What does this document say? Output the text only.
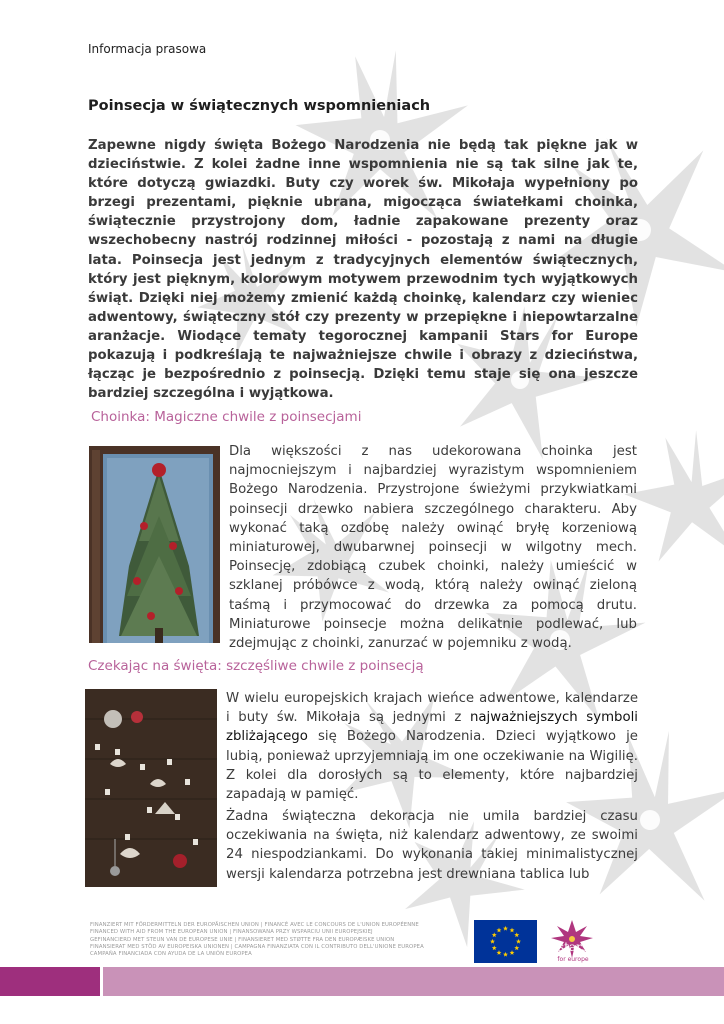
Informacja prasowa
Poinsecja w świątecznych wspomnieniach

Zapewne nigdy święta Bożego Narodzenia nie będą tak piękne jak w dzieciństwie. Z kolei żadne inne wspomnienia nie są tak silne jak te, które dotyczą gwiazdki. Buty czy worek św. Mikołaja wypełniony po brzegi prezentami, pięknie ubrana, migocząca światełkami choinka, świątecznie przystrojony dom, ładnie zapakowane prezenty oraz wszechobecny nastrój rodzinnej miłości - pozostają z nami na długie lata. Poinsecja jest jednym z tradycyjnych elementów świątecznych, który jest pięknym, kolorowym motywem przewodnim tych wyjątkowych świąt. Dzięki niej możemy zmienić każdą choinkę, kalendarz czy wieniec adwentowy, świąteczny stół czy prezenty w przepiękne i niepowtarzalne aranżacje. Wiodące tematy tegorocznej kampanii Stars for Europe pokazują i podkreślają te najważniejsze chwile i obrazy z dzieciństwa, łącząc je bezpośrednio z poinsecją. Dzięki temu staje się ona jeszcze bardziej szczególna i wyjątkowa.

Choinka: Magiczne chwile z poinsecjami

Dla większości z nas udekorowana choinka jest najmocniejszym i najbardziej wyrazistym wspomnieniem Bożego Narodzenia. Przystrojone świeżymi przykwiatkami poinsecji drzewko nabiera szczególnego charakteru. Aby wykonać taką ozdobę należy owinąć bryłę korzeniową miniaturowej, dwubarwnej poinsecji w wilgotny mech. Poinsecję, zdobiącą czubek choinki, należy umieścić w szklanej próbówce z wodą, którą należy owinąć zieloną taśmą i przymocować do drzewka za pomocą drutu. Miniaturowe poinsecje można delikatnie podlewać, lub zdejmując z choinki, zanurzać w pojemniku z wodą.

Czekając na święta: szczęśliwe chwile z poinsecją

W wielu europejskich krajach wieńce adwentowe, kalendarze i buty św. Mikołaja są jednymi z najważniejszych symboli zbliżającego się Bożego Narodzenia. Dzieci wyjątkowo je lubią, ponieważ uprzyjemniają im one oczekiwanie na Wigilię. Z kolei dla dorosłych są to elementy, które najbardziej zapadają w pamięć.

Żadna świąteczna dekoracja nie umila bardziej czasu oczekiwania na święta, niż kalendarz adwentowy, ze swoimi 24 niespodziankami. Do wykonania takiej minimalistycznej wersji kalendarza potrzebna jest drewniana tablica lub

FINANZIERT MIT FÖRDERMITTELN DER EUROPÄISCHEN UNION | FINANCÉ AVEC LE CONCOURS DE L'UNION EUROPÉENNE
FINANCED WITH AID FROM THE EUROPEAN UNION | FINANSOWANA PRZY WSPARCIU UNII EUROPEJSKIEJ
GEFINANCIERD MET STEUN VAN DE EUROPESE UNIE | FINANSIERET MED STØTTE FRA DEN EUROPÆISKE UNION
FINANSIERAT MED STÖD AV EUROPEISKA UNIONEN | CAMPAGNA FINANZIATA CON IL CONTRIBUTO DELL'UNIONE EUROPEA
CAMPAÑA FINANCIADA CON AYUDA DE LA UNIÓN EUROPEA
stars
for europe
